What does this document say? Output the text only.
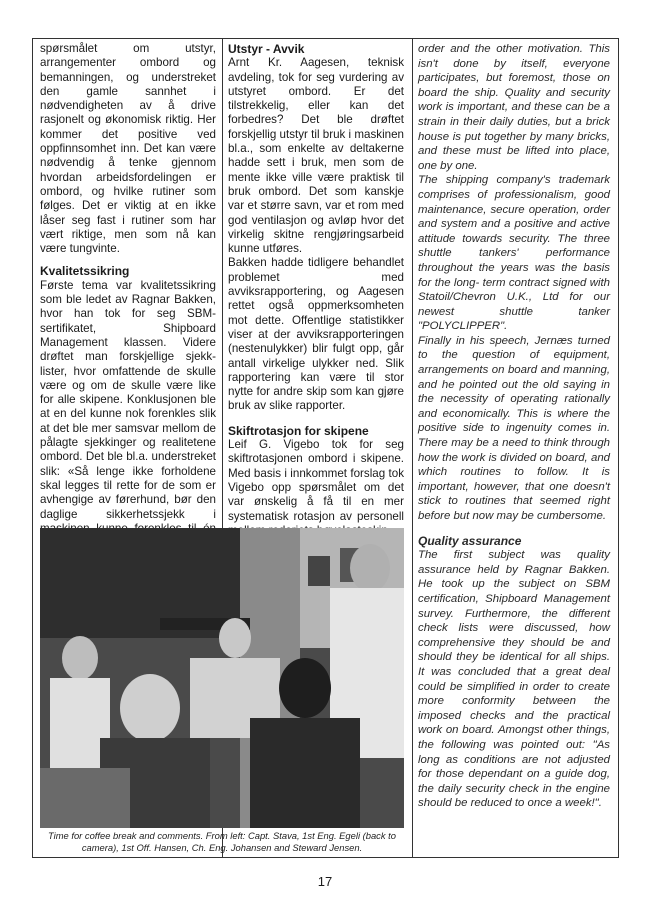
spørsmålet om utstyr, arrangementer ombord og bemanningen, og understreket den gamle sannhet i nødvendigheten av å drive rasjonelt og økonomisk riktig. Her kommer det positive ved oppfinnsomhet inn. Det kan være nødvendig å tenke gjennom hvordan arbeidsfordelingen er ombord, og hvilke rutiner som følges. Det er viktig at en ikke låser seg fast i rutiner som har vært riktige, men som nå kan være tungvinte.

Kvalitetssikring

Første tema var kvalitetssikring som ble ledet av Ragnar Bakken, hvor han tok for seg SBM-sertifikatet, Shipboard Management klassen. Videre drøftet man forskjellige sjekk-lister, hvor omfattende de skulle være og om de skulle være like for alle skipene. Konklusjonen ble at en del kunne nok forenkles slik at det ble mer samsvar mellom de pålagte sjekkinger og realitetene ombord. Det ble bl.a. understreket slik: «Så lenge ikke forholdene skal legges til rette for de som er avhengige av førerhund, bør den daglige sikkerhetssjekk i

Utstyr - Avvik

Arnt Kr. Aagesen, teknisk avdeling, tok for seg vurdering av utstyret ombord. Er det tilstrekkelig, eller kan det forbedres? Det ble drøftet forskjellig utstyr til bruk i maskinen bl.a., som enkelte av deltakerne hadde sett i bruk, men som de mente ikke ville være praktisk til bruk ombord. Det som kanskje var et større savn, var et rom med god ventilasjon og avløp hvor det virkelig skitne rengjøringsarbeid kunne utføres.

Bakken hadde tidligere behandlet problemet med avviksrapportering, og Aagesen rettet også oppmerksomheten mot dette. Offentlige statistikker viser at der avviksrapporteringen (nestenulykker) blir fulgt opp, går antall virkelige ulykker ned. Slik rapportering kan være til stor nytte for andre skip som kan gjøre bruk av slike rapporter.

Skiftrotasjon for skipene

Leif G. Vigebo tok for seg skiftrotasjonen ombord i skipene. Med basis i innkommet forslag tok Vigebo opp spørsmålet om det var ønskelig å få til en mer systematisk rotasjon av personell

order and the other motivation. This isn't done by itself, everyone participates, but foremost, those on board the ship. Quality and security work is important, and these can be a strain in their daily duties, but a brick house is put together by many bricks, and these must be lifted into place, one by one.

The shipping company's trademark comprises of professionalism, good maintenance, secure operation, order and system and a positive and active attitude towards security. The three shuttle tankers' performance throughout the years was the basis for the long- term contract signed with Statoil/Chevron U.K., Ltd for our newest shuttle tanker "POLYCLIPPER".

Finally in his speech, Jernæs turned to the question of equipment, arrangements on board and manning, and he pointed out the old saying in the necessity of operating rationally and economically. This is where the positive side to ingenuity comes in. There may be a need to think through how the work is divided on board, and which routines to follow. It is important, however, that one doesn't stick to routines that seemed right before but now may be cumbersome.

Quality assurance

The first subject was quality assurance held by Ragnar Bakken. He took up the subject on SBM certification, Shipboard Management survey. Furthermore, the different check lists were discussed, how comprehensive they should be and should they be identical for all ships. It was concluded that a great deal could be simplified in order to create more conformity between the imposed checks and the practical work on board. Amongst other things, the following was pointed out: "As long as conditions are not adjusted for those dependant on a guide dog, the daily security check in the engine should be reduced to once a week!".

Time for coffee break and comments. From left: Capt. Stava, 1st Eng. Egeli (back to camera), 1st Off. Hansen, Ch. Eng. Johansen and Steward Jensen.
17
